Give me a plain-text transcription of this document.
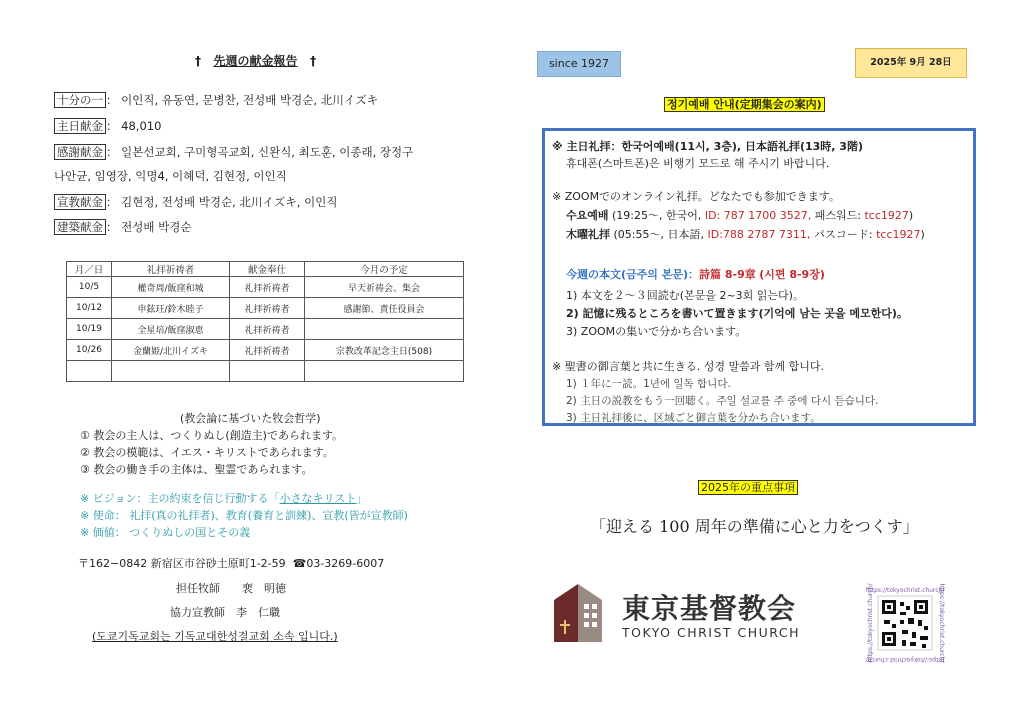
† 先週の献金報告 †
十分の一 ： 이인직, 유동연, 문병찬, 전성배 박경순, 北川イズキ
主日献金 ： 48,010
感謝献金 ： 일본선교회, 구미형곡교회, 신완식, 최도훈, 이종래, 장정구
나안균, 임영장, 익명4, 이혜덕, 김현정, 이인직
宣教献金 ： 김현정, 전성배 박경순, 北川イズキ, 이인직
建築献金 ： 전성배 박경순
月／日	礼拝祈祷者	献金奉仕	今月の予定
10/5	權奇周/飯窪和城	礼拝祈祷者	早天祈祷会、集会
10/12	申鉉玨/鈴木睦子	礼拝祈祷者	感謝節、責任役員会
10/19	全星培/飯窪淑恵	礼拝祈祷者	
10/26	金蘭姫/北川イズキ	礼拝祈祷者	宗教改革記念主日(508)

(教会論に基づいた牧会哲学)
① 教会の主人は、つくりぬし(創造主)であられます。
② 教会の模範は、イエス・キリストであられます。
③ 教会の働き手の主体は、聖霊であられます。
※ ビジョン：主の約束を信じ行動する「小さなキリスト」
※ 使命： 礼拝(真の礼拝者)、教育(養育と訓練)、宣教(皆が宣教師)
※ 価値： つくりぬしの国とその義
〒162−0842 新宿区市谷砂土原町1-2-59 ☎03-3269-6007
担任牧師　　裵　明徳
協力宣教師　李　仁職
(도쿄기독교회는 기독교대한성결교회 소속 입니다.)
since 1927	2025年 9月 28日
정기예배 안내(定期集会の案内)
※ 主日礼拝：한국어예배(11시, 3층), 日本語礼拝(13時, 3階)
휴대폰(스마트폰)은 비행기 모드로 해 주시기 바랍니다.
※ ZOOMでのオンライン礼拝。どなたでも参加できます。
수요예배 (19:25〜, 한국어, ID: 787 1700 3527, 패스워드: tcc1927)
木曜礼拝 (05:55〜, 日本語, ID:788 2787 7311, パスコード: tcc1927)
今週の本文(금주의 본문)：詩篇 8-9章 (시편 8-9장)
1) 本文を２〜３回読む(본문을 2~3회 읽는다)。
2) 記憶に残るところを書いて置きます(기억에 남는 곳을 메모한다)。
3) ZOOMの集いで分かち合います。
※ 聖書の御言葉と共に生きる. 성경 말씀과 함께 합니다.
1) １年に一読。1년에 일독 합니다.
2) 主日の説教をもう一回聴く。주일 설교를 주 중에 다시 듣습니다.
3) 主日礼拝後に、区域ごと御言葉を分かち合います。
2025年の重点事項
「迎える 100 周年の準備に心と力をつくす」
東京基督教会
TOKYO CHRIST CHURCH
https://tokyochrist.church/
https://tokyochrist.church/
https://tokyochrist.church/	https://tokyochrist.church/
